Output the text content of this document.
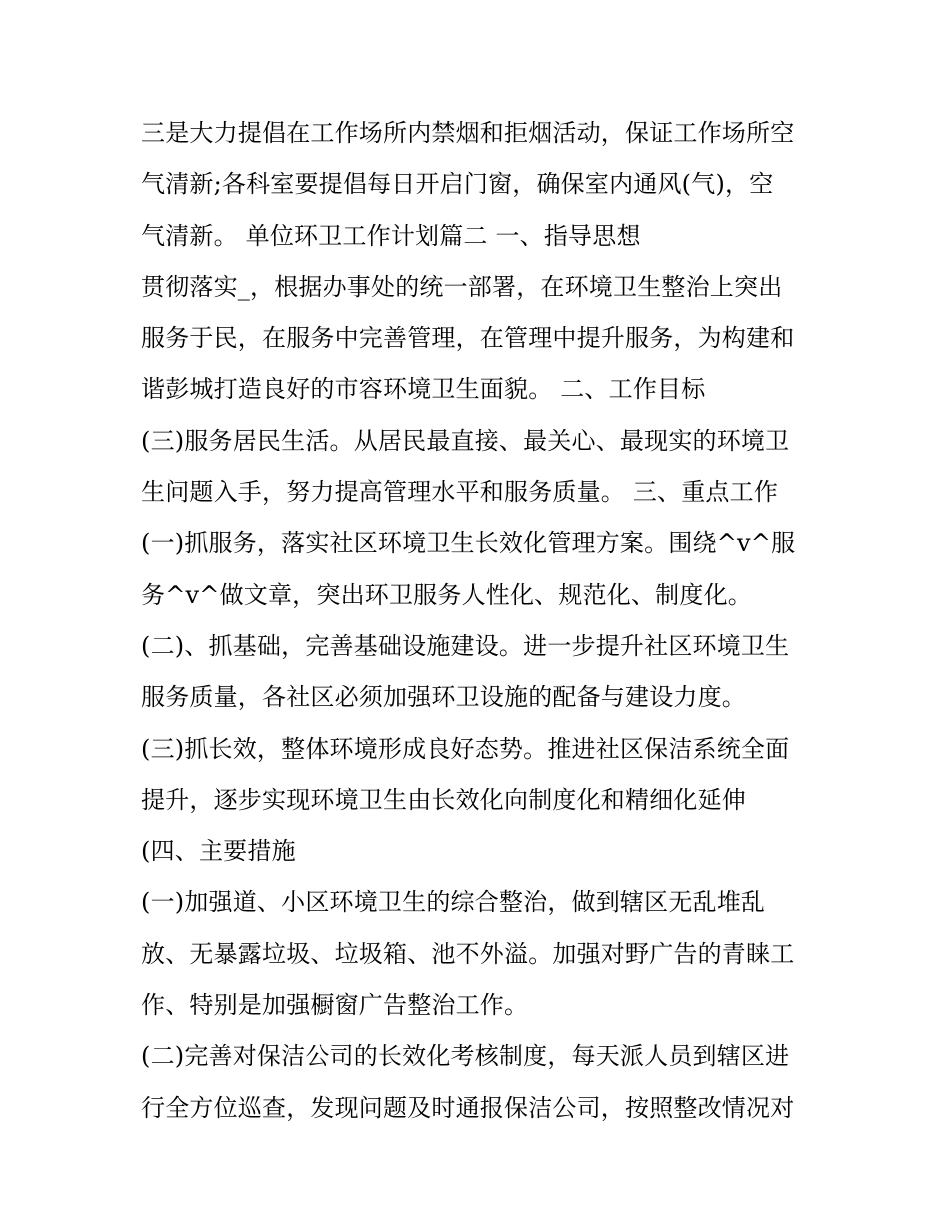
三是大力提倡在工作场所内禁烟和拒烟活动，保证工作场所空
气清新;各科室要提倡每日开启门窗，确保室内通风(气)，空
气清新。 单位环卫工作计划篇二 一、指导思想
贯彻落实_，根据办事处的统一部署，在环境卫生整治上突出
服务于民，在服务中完善管理，在管理中提升服务，为构建和
谐彭城打造良好的市容环境卫生面貌。 二、工作目标
(三)服务居民生活。从居民最直接、最关心、最现实的环境卫
生问题入手，努力提高管理水平和服务质量。 三、重点工作
(一)抓服务，落实社区环境卫生长效化管理方案。围绕^v^服
务^v^做文章，突出环卫服务人性化、规范化、制度化。
(二)、抓基础，完善基础设施建设。进一步提升社区环境卫生
服务质量，各社区必须加强环卫设施的配备与建设力度。
(三)抓长效，整体环境形成良好态势。推进社区保洁系统全面
提升，逐步实现环境卫生由长效化向制度化和精细化延伸
(四、主要措施
(一)加强道、小区环境卫生的综合整治，做到辖区无乱堆乱
放、无暴露垃圾、垃圾箱、池不外溢。加强对野广告的青睐工
作、特别是加强橱窗广告整治工作。
(二)完善对保洁公司的长效化考核制度，每天派人员到辖区进
行全方位巡查，发现问题及时通报保洁公司，按照整改情况对
